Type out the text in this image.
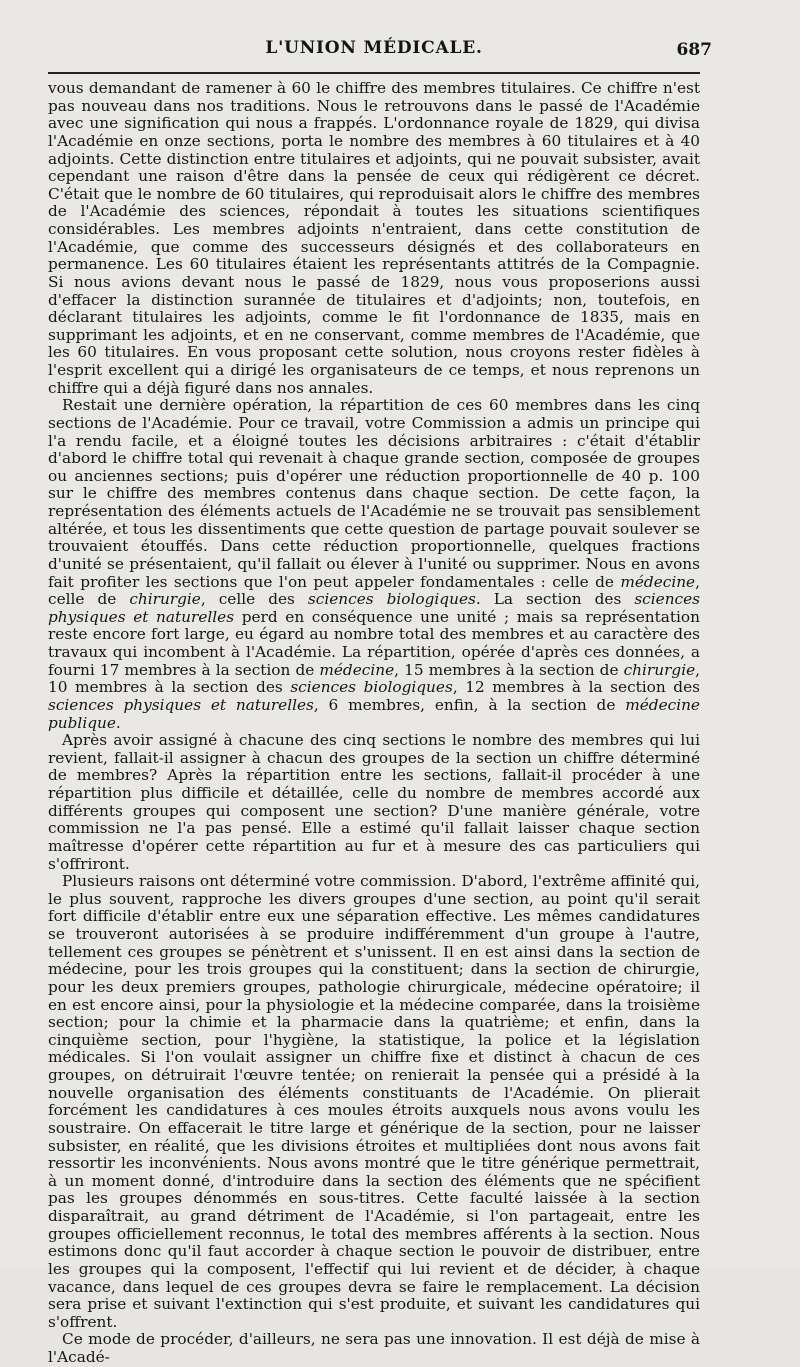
L'UNION MÉDICALE.	687

vous demandant de ramener à 60 le chiffre des membres titulaires. Ce chiffre n'est pas nouveau dans nos traditions. Nous le retrouvons dans le passé de l'Académie avec une signification qui nous a frappés. L'ordonnance royale de 1829, qui divisa l'Académie en onze sections, porta le nombre des membres à 60 titulaires et à 40 adjoints. Cette distinction entre titulaires et adjoints, qui ne pouvait subsister, avait cependant une raison d'être dans la pensée de ceux qui rédigèrent ce décret. C'était que le nombre de 60 titulaires, qui reproduisait alors le chiffre des membres de l'Académie des sciences, répondait à toutes les situations scientifiques considérables. Les membres adjoints n'entraient, dans cette constitution de l'Académie, que comme des successeurs désignés et des collaborateurs en permanence. Les 60 titulaires étaient les représentants attitrés de la Compagnie. Si nous avions devant nous le passé de 1829, nous vous proposerions aussi d'effacer la distinction surannée de titulaires et d'adjoints; non, toutefois, en déclarant titulaires les adjoints, comme le fit l'ordonnance de 1835, mais en supprimant les adjoints, et en ne conservant, comme membres de l'Académie, que les 60 titulaires. En vous proposant cette solution, nous croyons rester fidèles à l'esprit excellent qui a dirigé les organisateurs de ce temps, et nous reprenons un chiffre qui a déjà figuré dans nos annales.

Restait une dernière opération, la répartition de ces 60 membres dans les cinq sections de l'Académie. Pour ce travail, votre Commission a admis un principe qui l'a rendu facile, et a éloigné toutes les décisions arbitraires : c'était d'établir d'abord le chiffre total qui revenait à chaque grande section, composée de groupes ou anciennes sections; puis d'opérer une réduction proportionnelle de 40 p. 100 sur le chiffre des membres contenus dans chaque section. De cette façon, la représentation des éléments actuels de l'Académie ne se trouvait pas sensiblement altérée, et tous les dissentiments que cette question de partage pouvait soulever se trouvaient étouffés. Dans cette réduction proportionnelle, quelques fractions d'unité se présentaient, qu'il fallait ou élever à l'unité ou supprimer. Nous en avons fait profiter les sections que l'on peut appeler fondamentales : celle de médecine, celle de chirurgie, celle des sciences biologiques. La section des sciences physiques et naturelles perd en conséquence une unité ; mais sa représentation reste encore fort large, eu égard au nombre total des membres et au caractère des travaux qui incombent à l'Académie. La répartition, opérée d'après ces données, a fourni 17 membres à la section de médecine, 15 membres à la section de chirurgie, 10 membres à la section des sciences biologiques, 12 membres à la section des sciences physiques et naturelles, 6 membres, enfin, à la section de médecine publique.

Après avoir assigné à chacune des cinq sections le nombre des membres qui lui revient, fallait-il assigner à chacun des groupes de la section un chiffre déterminé de membres? Après la répartition entre les sections, fallait-il procéder à une répartition plus difficile et détaillée, celle du nombre de membres accordé aux différents groupes qui composent une section? D'une manière générale, votre commission ne l'a pas pensé. Elle a estimé qu'il fallait laisser chaque section maîtresse d'opérer cette répartition au fur et à mesure des cas particuliers qui s'offriront.

Plusieurs raisons ont déterminé votre commission. D'abord, l'extrême affinité qui, le plus souvent, rapproche les divers groupes d'une section, au point qu'il serait fort difficile d'établir entre eux une séparation effective. Les mêmes candidatures se trouveront autorisées à se produire indifféremment d'un groupe à l'autre, tellement ces groupes se pénètrent et s'unissent. Il en est ainsi dans la section de médecine, pour les trois groupes qui la constituent; dans la section de chirurgie, pour les deux premiers groupes, pathologie chirurgicale, médecine opératoire; il en est encore ainsi, pour la physiologie et la médecine comparée, dans la troisième section; pour la chimie et la pharmacie dans la quatrième; et enfin, dans la cinquième section, pour l'hygiène, la statistique, la police et la législation médicales. Si l'on voulait assigner un chiffre fixe et distinct à chacun de ces groupes, on détruirait l'œuvre tentée; on renierait la pensée qui a présidé à la nouvelle organisation des éléments constituants de l'Académie. On plierait forcément les candidatures à ces moules étroits auxquels nous avons voulu les soustraire. On effacerait le titre large et générique de la section, pour ne laisser subsister, en réalité, que les divisions étroites et multipliées dont nous avons fait ressortir les inconvénients. Nous avons montré que le titre générique permettrait, à un moment donné, d'introduire dans la section des éléments que ne spécifient pas les groupes dénommés en sous-titres. Cette faculté laissée à la section disparaîtrait, au grand détriment de l'Académie, si l'on partageait, entre les groupes officiellement reconnus, le total des membres afférents à la section. Nous estimons donc qu'il faut accorder à chaque section le pouvoir de distribuer, entre les groupes qui la composent, l'effectif qui lui revient et de décider, à chaque vacance, dans lequel de ces groupes devra se faire le remplacement. La décision sera prise et suivant l'extinction qui s'est produite, et suivant les candidatures qui s'offrent.

Ce mode de procéder, d'ailleurs, ne sera pas une innovation. Il est déjà de mise à l'Acadé-
